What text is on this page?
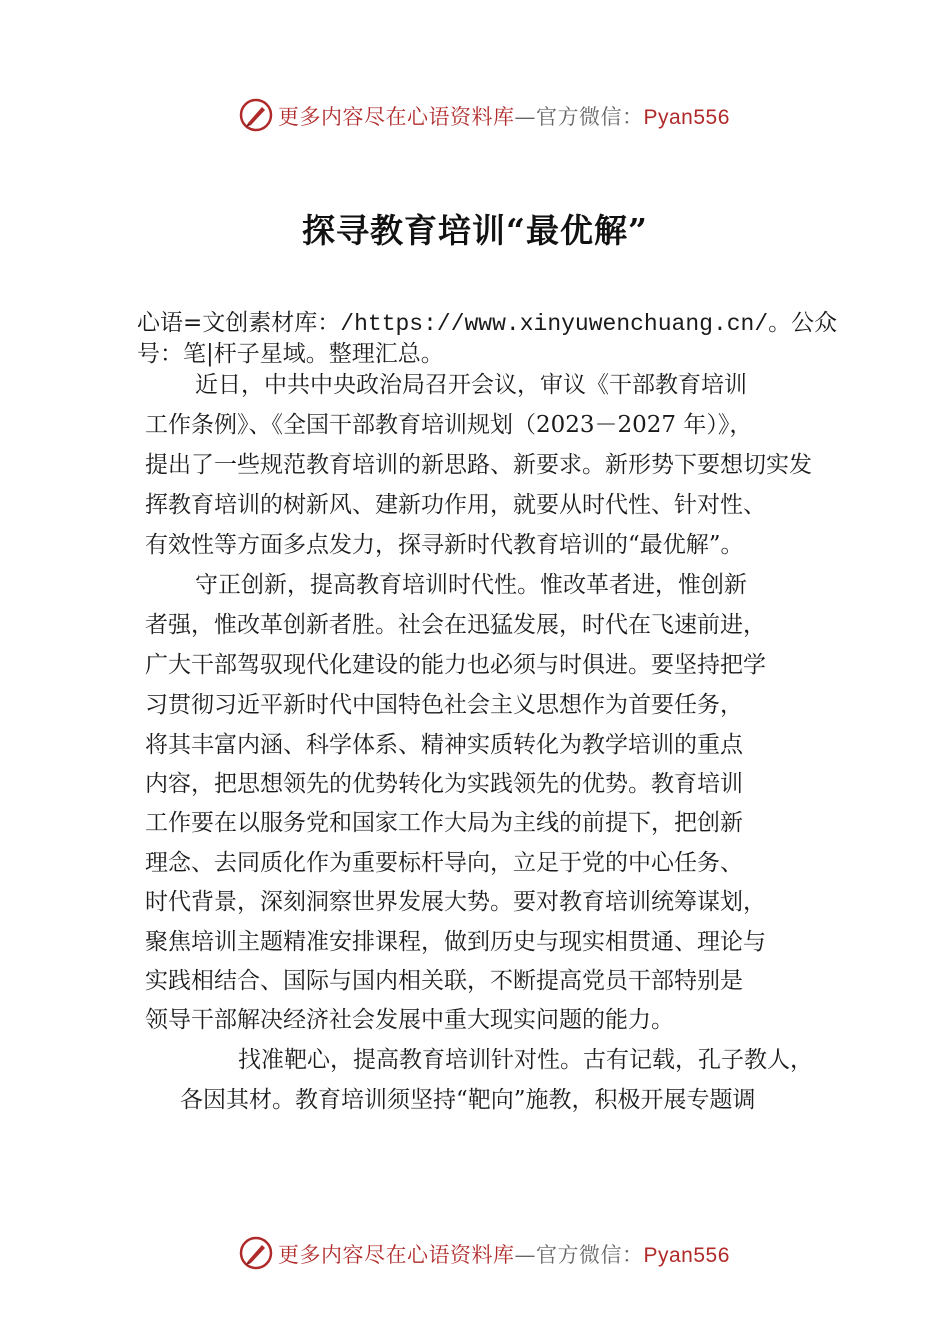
更多内容尽在心语资料库—官方微信：Pyan556
探寻教育培训“最优解”
心语=文创素材库：/https://www.xinyuwenchuang.cn/。公众
号：笔|杆子星域。整理汇总。
近日，中共中央政治局召开会议，审议《干部教育培训
工作条例》、《全国干部教育培训规划（2023－2027 年）》，
提出了一些规范教育培训的新思路、新要求。新形势下要想切实发
挥教育培训的树新风、建新功作用，就要从时代性、针对性、
有效性等方面多点发力，探寻新时代教育培训的“最优解”。
守正创新，提高教育培训时代性。惟改革者进，惟创新
者强，惟改革创新者胜。社会在迅猛发展，时代在飞速前进，
广大干部驾驭现代化建设的能力也必须与时俱进。要坚持把学
习贯彻习近平新时代中国特色社会主义思想作为首要任务，
将其丰富内涵、科学体系、精神实质转化为教学培训的重点
内容，把思想领先的优势转化为实践领先的优势。教育培训
工作要在以服务党和国家工作大局为主线的前提下，把创新
理念、去同质化作为重要标杆导向，立足于党的中心任务、
时代背景，深刻洞察世界发展大势。要对教育培训统筹谋划，
聚焦培训主题精准安排课程，做到历史与现实相贯通、理论与
实践相结合、国际与国内相关联，不断提高党员干部特别是
领导干部解决经济社会发展中重大现实问题的能力。
找准靶心，提高教育培训针对性。古有记载，孔子教人，
各因其材。教育培训须坚持“靶向”施教，积极开展专题调
更多内容尽在心语资料库—官方微信：Pyan556
